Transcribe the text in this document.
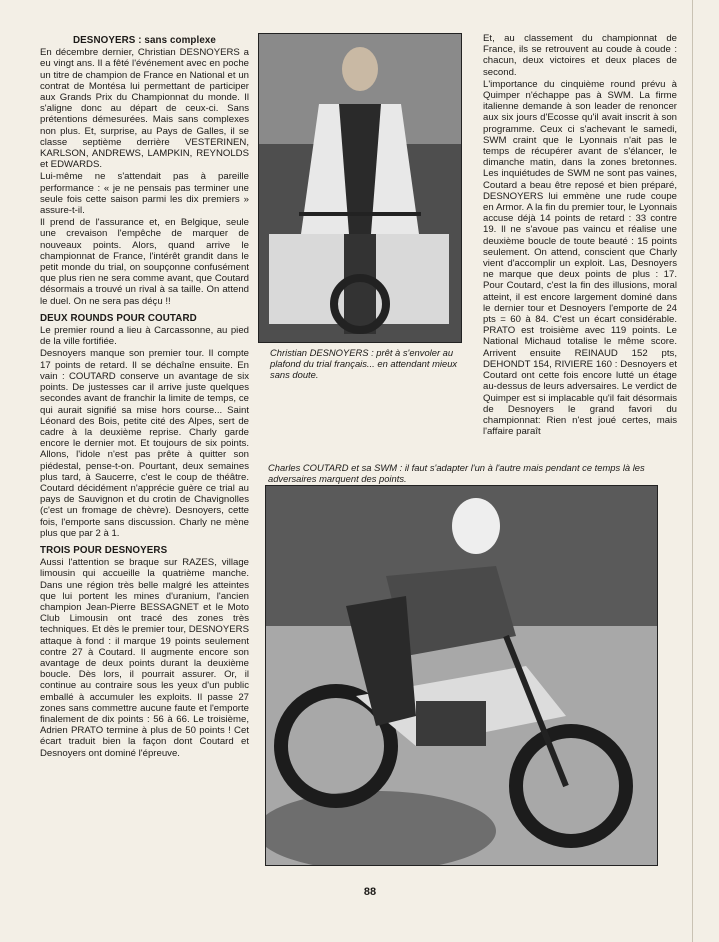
DESNOYERS : sans complexe

En décembre dernier, Christian DESNOYERS a eu vingt ans. Il a fêté l'événement avec en poche un titre de champion de France en National et un contrat de Montésa lui permettant de participer aux Grands Prix du Championnat du monde. Il s'aligne donc au départ de ceux-ci. Sans prétentions démesurées. Mais sans complexes non plus. Et, surprise, au Pays de Galles, il se classe septième derrière VESTERINEN, KARLSON, ANDREWS, LAMPKIN, REYNOLDS et EDWARDS.

Lui-même ne s'attendait pas à pareille performance : « je ne pensais pas terminer une seule fois cette saison parmi les dix premiers » assure-t-il.

Il prend de l'assurance et, en Belgique, seule une crevaison l'empêche de marquer de nouveaux points. Alors, quand arrive le championnat de France, l'intérêt grandit dans le petit monde du trial, on soupçonne confusément que plus rien ne sera comme avant, que Coutard désormais a trouvé un rival à sa taille. On attend le duel. On ne sera pas déçu !!

DEUX ROUNDS POUR COUTARD

Le premier round a lieu à Carcassonne, au pied de la ville fortifiée.

Desnoyers manque son premier tour. Il compte 17 points de retard. Il se déchaîne ensuite. En vain : COUTARD conserve un avantage de six points. De justesses car il arrive juste quelques secondes avant de franchir la limite de temps, ce qui aurait signifié sa mise hors course... Saint Léonard des Bois, petite cité des Alpes, sert de cadre à la deuxième reprise. Charly garde encore le dernier mot. Et toujours de six points. Allons, l'idole n'est pas prête à quitter son piédestal, pense-t-on. Pourtant, deux semaines plus tard, à Saucerre, c'est le coup de théâtre. Coutard décidément n'apprécie guère ce trial au pays de Sauvignon et du crotin de Chavignolles (c'est un fromage de chèvre). Desnoyers, cette fois, l'emporte sans discussion. Charly ne mène plus que par 2 à 1.

TROIS POUR DESNOYERS

Aussi l'attention se braque sur RAZES, village limousin qui accueille la quatrième manche. Dans une région très belle malgré les atteintes que lui portent les mines d'uranium, l'ancien champion Jean-Pierre BESSAGNET et le Moto Club Limousin ont tracé des zones très techniques. Et dès le premier tour, DESNOYERS attaque à fond : il marque 19 points seulement contre 27 à Coutard. Il augmente encore son avantage de deux points durant la deuxième boucle. Dès lors, il pourrait assurer. Or, il continue au contraire sous les yeux d'un public emballé à accumuler les exploits. Il passe 27 zones sans commettre aucune faute et l'emporte finalement de dix points : 56 à 66. Le troisième, Adrien PRATO termine à plus de 50 points ! Cet écart traduit bien la façon dont Coutard et Desnoyers ont dominé l'épreuve.

Christian DESNOYERS : prêt à s'envoler au plafond du trial français... en attendant mieux sans doute.

Et, au classement du championnat de France, ils se retrouvent au coude à coude : chacun, deux victoires et deux places de second.

L'importance du cinquième round prévu à Quimper n'échappe pas à SWM. La firme italienne demande à son leader de renoncer aux six jours d'Ecosse qu'il avait inscrit à son programme. Ceux ci s'achevant le samedi, SWM craint que le Lyonnais n'ait pas le temps de récupérer avant de s'élancer, le dimanche matin, dans la zones bretonnes. Les inquiétudes de SWM ne sont pas vaines, Coutard a beau être reposé et bien préparé, DESNOYERS lui emmène une rude coupe en Armor. A la fin du premier tour, le Lyonnais accuse déjà 14 points de retard : 33 contre 19. Il ne s'avoue pas vaincu et réalise une deuxième boucle de toute beauté : 15 points seulement. On attend, conscient que Charly vient d'accomplir un exploit. Las, Desnoyers ne marque que deux points de plus : 17. Pour Coutard, c'est la fin des illusions, moral atteint, il est encore largement dominé dans le dernier tour et Desnoyers l'emporte de 24 pts = 60 à 84. C'est un écart considérable. PRATO est troisième avec 119 points. Le National Michaud totalise le même score. Arrivent ensuite REINAUD 152 pts, DEHONDT 154, RIVIERE 160 : Desnoyers et Coutard ont cette fois encore lutté un étage au-dessus de leurs adversaires. Le verdict de Quimper est si implacable qu'il fait désormais de Desnoyers le grand favori du championnat: Rien n'est joué certes, mais l'affaire paraît

Charles COUTARD et sa SWM : il faut s'adapter l'un à l'autre mais pendant ce temps là les adversaires marquent des points.
88
